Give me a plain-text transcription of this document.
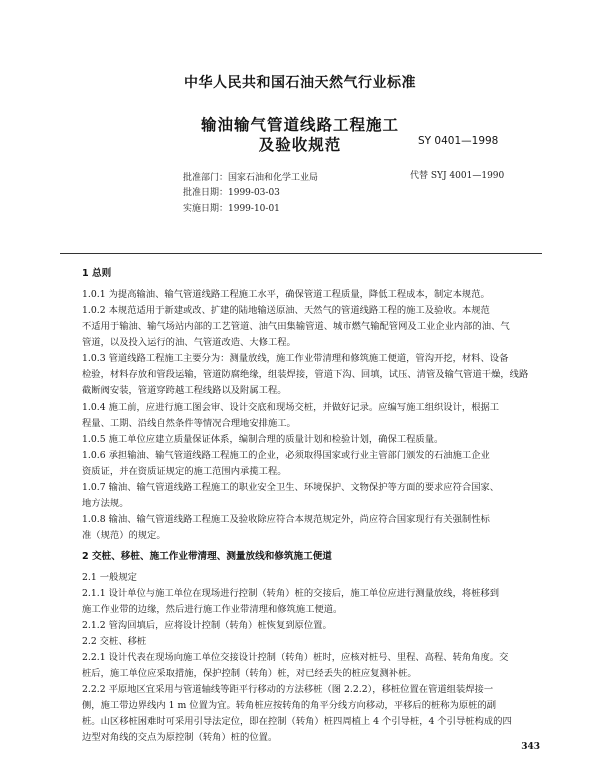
中华人民共和国石油天然气行业标准
输油输气管道线路工程施工
及验收规范	SY 0401—1998
批准部门：国家石油和化学工业局	代替 SYJ 4001—1990
批准日期：1999-03-03
实施日期：1999-10-01
1 总则
1.0.1 为提高输油、输气管道线路工程施工水平，确保管道工程质量，降低工程成本，制定本规范。
1.0.2 本规范适用于新建或改、扩建的陆地输送原油、天然气的管道线路工程的施工及验收。本规范
不适用于输油、输气场站内部的工艺管道、油气田集输管道、城市燃气输配管网及工业企业内部的油、气
管道，以及投入运行的油、气管道改造、大修工程。
1.0.3 管道线路工程施工主要分为：测量放线，施工作业带清理和修筑施工便道，管沟开挖，材料、设备
检验，材料存放和管段运输，管道防腐绝缘，组装焊接，管道下沟、回填，试压、清管及输气管道干燥，线路
截断阀安装，管道穿跨越工程线路以及附属工程。
1.0.4 施工前，应进行施工图会审、设计交底和现场交桩，并做好记录。应编写施工组织设计，根据工
程量、工期、沿线自然条件等情况合理地安排施工。
1.0.5 施工单位应建立质量保证体系，编制合理的质量计划和检验计划，确保工程质量。
1.0.6 承担输油、输气管道线路工程施工的企业，必须取得国家或行业主管部门颁发的石油施工企业
资质证，并在资质证规定的施工范围内承揽工程。
1.0.7 输油、输气管道线路工程施工的职业安全卫生、环境保护、文物保护等方面的要求应符合国家、
地方法规。
1.0.8 输油、输气管道线路工程施工及验收除应符合本规范规定外，尚应符合国家现行有关强制性标
准（规范）的规定。
2 交桩、移桩、施工作业带清理、测量放线和修筑施工便道
2.1 一般规定
2.1.1 设计单位与施工单位在现场进行控制（转角）桩的交接后，施工单位应进行测量放线，将桩移到
施工作业带的边缘，然后进行施工作业带清理和修筑施工便道。
2.1.2 管沟回填后，应将设计控制（转角）桩恢复到原位置。
2.2 交桩、移桩
2.2.1 设计代表在现场向施工单位交接设计控制（转角）桩时，应核对桩号、里程、高程、转角角度。交
桩后，施工单位应采取措施，保护控制（转角）桩，对已经丢失的桩应复测补桩。
2.2.2 平原地区宜采用与管道轴线等距平行移动的方法移桩（图 2.2.2），移桩位置在管道组装焊接一
侧，施工带边界线内 1 m 位置为宜。转角桩应按转角的角平分线方向移动，平移后的桩称为原桩的副
桩。山区移桩困难时可采用引导法定位，即在控制（转角）桩四周植上 4 个引导桩，4 个引导桩构成的四
边型对角线的交点为原控制（转角）桩的位置。
343
